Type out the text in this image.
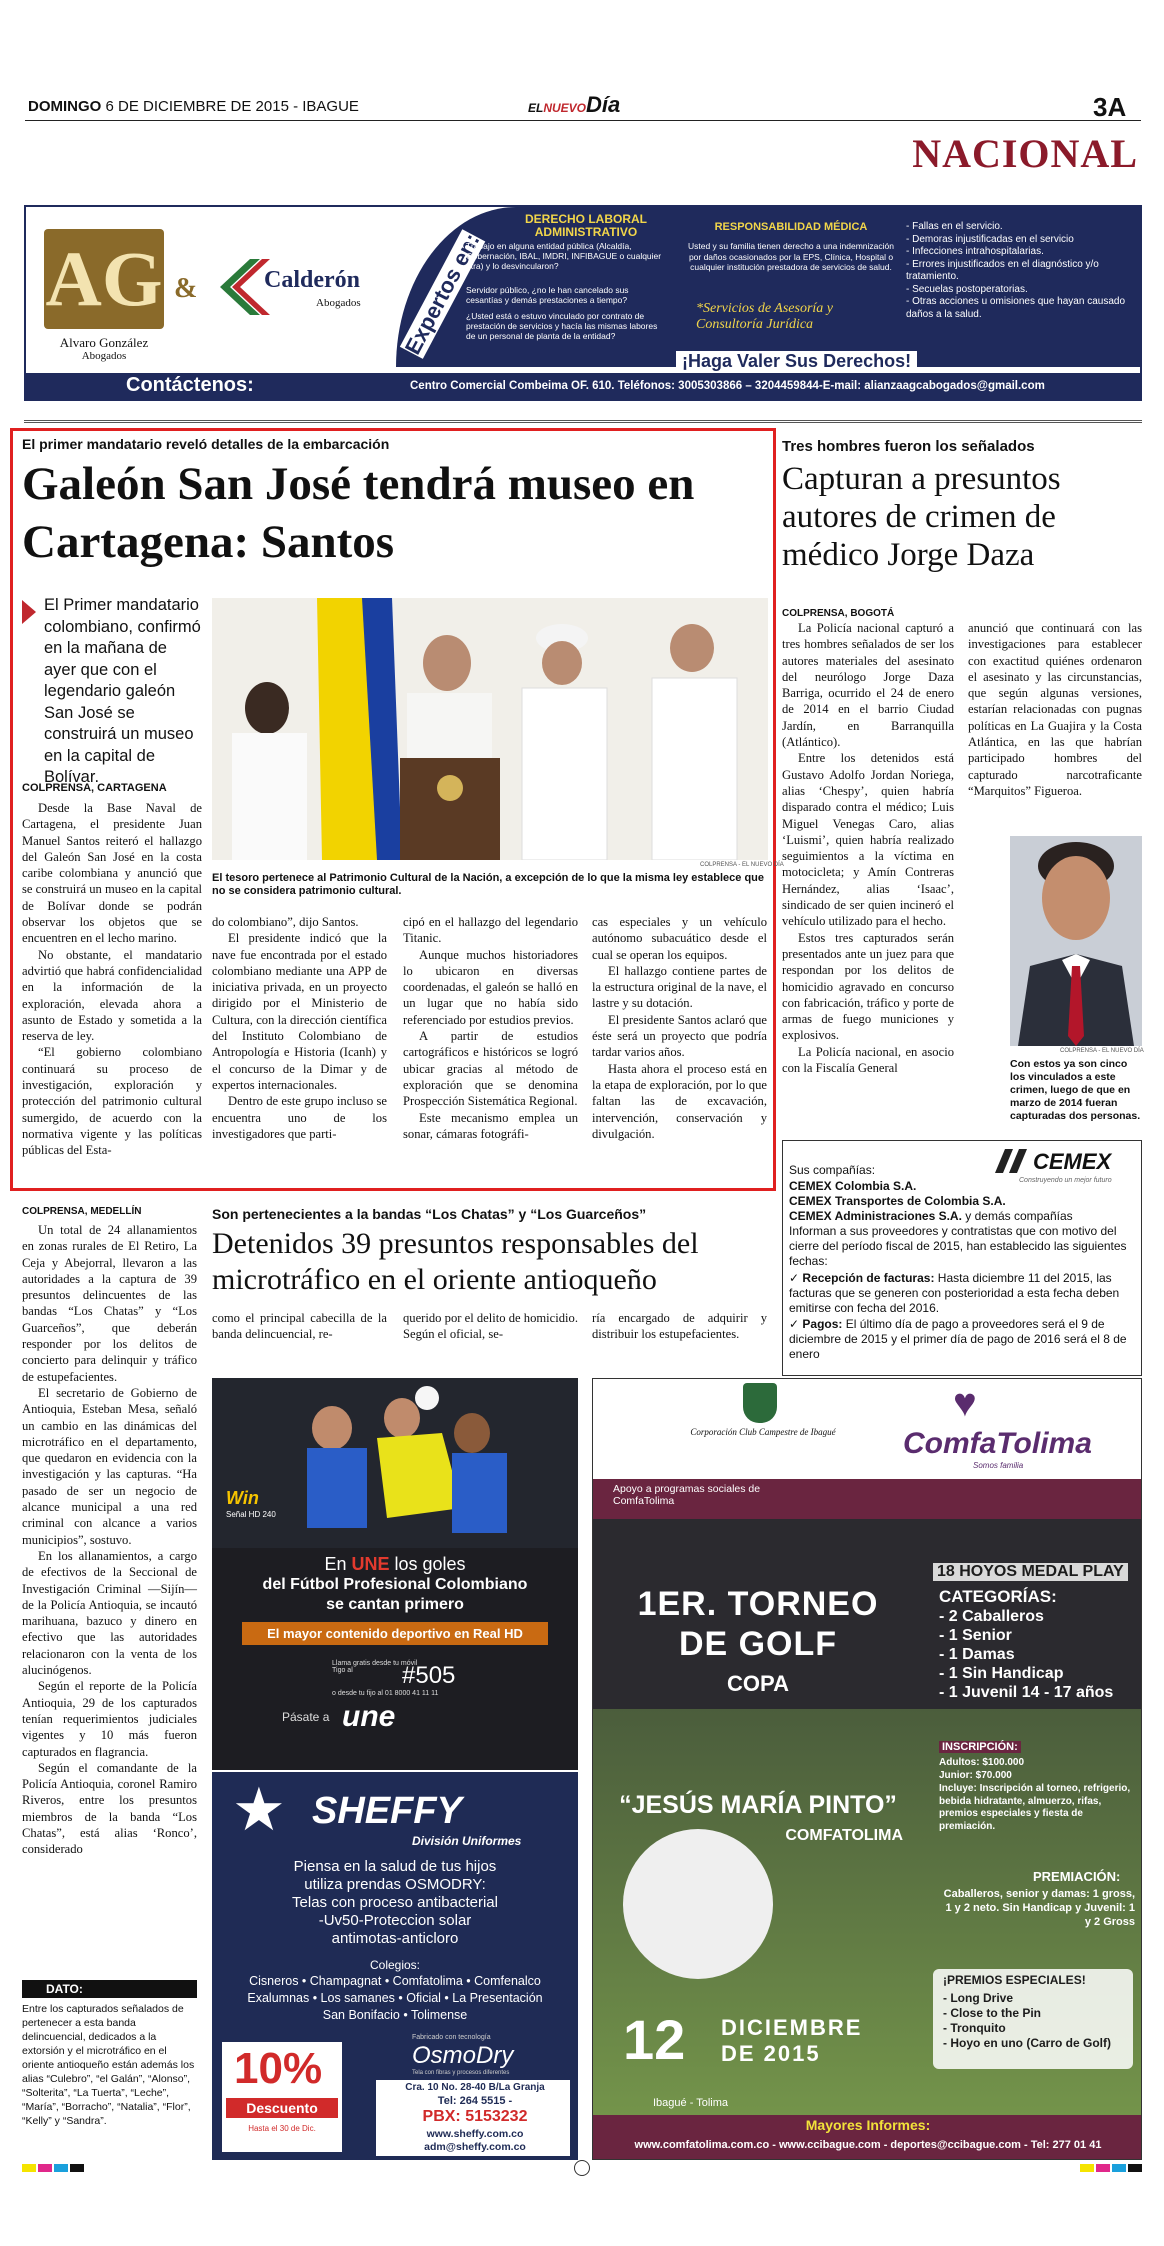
DOMINGO 6 DE DICIEMBRE DE 2015 - IBAGUE	ELNUEVODía	3A
NACIONAL
AG
Alvaro González
Abogados
&	Calderón
Abogados Expertos en:
DERECHO LABORAL ADMINISTRATIVO
Trabajo en alguna entidad pública (Alcaldía, Gobernación, IBAL, IMDRI, INFIBAGUE o cualquier otra) y lo desvincularon?
Servidor público, ¿no le han cancelado sus cesantías y demás prestaciones a tiempo?
¿Usted está o estuvo vinculado por contrato de prestación de servicios y hacía las mismas labores de un personal de planta de la entidad?
RESPONSABILIDAD MÉDICA
Usted y su familia tienen derecho a una indemnización por daños ocasionados por la EPS, Clínica, Hospital o cualquier institución prestadora de servicios de salud.
*Servicios de Asesoría y Consultoría Jurídica
- Fallas en el servicio.
- Demoras injustificadas en el servicio
- Infecciones intrahospitalarias.
- Errores injustificados en el diagnóstico y/o tratamiento.
- Secuelas postoperatorias.
- Otras acciones u omisiones que hayan causado daños a la salud.
¡Haga Valer Sus Derechos!
Contáctenos:	Centro Comercial Combeima OF. 610. Teléfonos: 3005303866 – 3204459844-E-mail: alianzaagcabogados@gmail.com
El primer mandatario reveló detalles de la embarcación
Galeón San José tendrá museo en Cartagena: Santos
El Primer mandatario colombiano, confirmó en la mañana de ayer que con el legendario galeón San José se construirá un museo en la capital de Bolívar.
COLPRENSA, CARTAGENA
COLPRENSA - EL NUEVO DÍA
El tesoro pertenece al Patrimonio Cultural de la Nación, a excepción de lo que la misma ley establece que no se considera patrimonio cultural.

Desde la Base Naval de Cartagena, el presidente Juan Manuel Santos reiteró el hallazgo del Galeón San José en la costa caribe colombiana y anunció que se construirá un museo en la capital de Bolívar donde se podrán observar los objetos que se encuentren en el lecho marino.

No obstante, el mandatario advirtió que habrá confidencialidad en la información de la exploración, elevada ahora a asunto de Estado y sometida a la reserva de ley.

“El gobierno colombiano continuará su proceso de investigación, exploración y protección del patrimonio cultural sumergido, de acuerdo con la normativa vigente y las políticas públicas del Esta-

do colombiano”, dijo Santos.

El presidente indicó que la nave fue encontrada por el estado colombiano mediante una APP de iniciativa privada, en un proyecto dirigido por el Ministerio de Cultura, con la dirección científica del Instituto Colombiano de Antropología e Historia (Icanh) y el concurso de la Dimar y de expertos internacionales.

Dentro de este grupo incluso se encuentra uno de los investigadores que parti-

cipó en el hallazgo del legendario Titanic.

Aunque muchos historiadores lo ubicaron en diversas coordenadas, el galeón se halló en un lugar que no había sido referenciado por estudios previos.

A partir de estudios cartográficos e históricos se logró ubicar gracias al método de exploración que se denomina Prospección Sistemática Regional.

Este mecanismo emplea un sonar, cámaras fotográfi-

cas especiales y un vehículo autónomo subacuático desde el cual se operan los equipos.

El hallazgo contiene partes de la estructura original de la nave, el lastre y su dotación.

El presidente Santos aclaró que éste será un proyecto que podría tardar varios años.

Hasta ahora el proceso está en la etapa de exploración, por lo que faltan las de excavación, intervención, conservación y divulgación.

Tres hombres fueron los señalados
Capturan a presuntos autores de crimen de médico Jorge Daza
COLPRENSA, BOGOTÁ

La Policía nacional capturó a tres hombres señalados de ser los autores materiales del asesinato del neurólogo Jorge Daza Barriga, ocurrido el 24 de enero de 2014 en el barrio Ciudad Jardín, en Barranquilla (Atlántico).

Entre los detenidos está Gustavo Adolfo Jordan Noriega, alias ‘Chespy’, quien habría disparado contra el médico; Luis Miguel Venegas Caro, alias ‘Luismi’, quien habría realizado seguimientos a la víctima en motocicleta; y Amín Contreras Hernández, alias ‘Isaac’, sindicado de ser quien incineró el vehículo utilizado para el hecho.

Estos tres capturados serán presentados ante un juez para que respondan por los delitos de homicidio agravado en concurso con fabricación, tráfico y porte de armas de fuego municiones y explosivos.

La Policía nacional, en asocio con la Fiscalía General

anunció que continuará con las investigaciones para establecer con exactitud quiénes ordenaron el asesinato y las circunstancias, que según algunas versiones, estarían relacionadas con pugnas políticas en La Guajira y la Costa Atlántica, en las que habrían participado hombres del capturado narcotraficante “Marquitos” Figueroa.

COLPRENSA - EL NUEVO DÍA
Con estos ya son cinco los vinculados a este crimen, luego de que en marzo de 2014 fueran capturadas dos personas.
CEMEX
Construyendo un mejor futuro
Sus compañías:
CEMEX Colombia S.A.
CEMEX Transportes de Colombia S.A.
CEMEX Administraciones S.A. y demás compañías
Informan a sus proveedores y contratistas que con motivo del cierre del período fiscal de 2015, han establecido las siguientes fechas:
✓ Recepción de facturas: Hasta diciembre 11 del 2015, las facturas que se generen con posterioridad a esta fecha deben emitirse con fecha del 2016.
✓ Pagos: El último día de pago a proveedores será el 9 de diciembre de 2015 y el primer día de pago de 2016 será el 8 de enero
COLPRENSA, MEDELLÍN	Son pertenecientes a la bandas “Los Chatas” y “Los Guarceños”
Detenidos 39 presuntos responsables del microtráfico en el oriente antioqueño
como el principal cabecilla de la banda delincuencial, re-
querido por el delito de homicidio. Según el oficial, se-
ría encargado de adquirir y distribuir los estupefacientes.

Un total de 24 allanamientos en zonas rurales de El Retiro, La Ceja y Abejorral, llevaron a las autoridades a la captura de 39 presuntos delincuentes de las bandas “Los Chatas” y “Los Guarceños”, que deberán responder por los delitos de concierto para delinquir y tráfico de estupefacientes.

El secretario de Gobierno de Antioquia, Esteban Mesa, señaló un cambio en las dinámicas del microtráfico en el departamento, que quedaron en evidencia con la investigación y las capturas. “Ha pasado de ser un negocio de alcance municipal a una red criminal con alcance a varios municipios”, sostuvo.

En los allanamientos, a cargo de efectivos de la Seccional de Investigación Criminal —Sijín— de la Policía Antioquia, se incautó marihuana, bazuco y dinero en efectivo que las autoridades relacionaron con la venta de los alucinógenos.

Según el reporte de la Policía Antioquia, 29 de los capturados tenían requerimientos judiciales vigentes y 10 más fueron capturados en flagrancia.

Según el comandante de la Policía Antioquia, coronel Ramiro Riveros, entre los presuntos miembros de la banda “Los Chatas”, está alias ‘Ronco’, considerado

DATO:
Entre los capturados señalados de pertenecer a esta banda delincuencial, dedicados a la extorsión y el microtráfico en el oriente antioqueño están además los alias “Culebro”, “el Galán”, “Alonso”, “Solterita”, “La Tuerta”, “Leche”, “María”, “Borracho”, “Natalia”, “Flor”, “Kelly” y “Sandra”.
Win
Señal HD 240
En UNE los goles
del Fútbol Profesional Colombiano
se cantan primero
El mayor contenido deportivo en Real HD
Llama gratis desde tu móvil Tigo al	#505
o desde tu fijo al 01 8000 41 11 11
Pásate a une
★ SHEFFY
División Uniformes
Piensa en la salud de tus hijos
utiliza prendas OSMODRY:
Telas con proceso antibacterial
-Uv50-Proteccion solar
antimotas-anticloro
Colegios:
Cisneros • Champagnat • Comfatolima • Comfenalco
Exalumnas • Los samanes • Oficial • La Presentación
San Bonifacio • Tolimense
Fabricado con tecnología
OsmoDry
Tela con fibras y procesos diferentes
10%
Descuento
Hasta el 30 de Dic.
Cra. 10 No. 28-40 B/La Granja
Tel: 264 5515 -
PBX: 5153232
www.sheffy.com.co
adm@sheffy.com.co
Corporación Club Campestre de Ibagué
♥
ComfaTolima
Somos familia
Apoyo a programas sociales de ComfaTolima
1ER. TORNEO
DE GOLF
COPA
“JESÚS MARÍA PINTO”
COMFATOLIMA
12 DICIEMBRE
DE 2015
Ibagué - Tolima
18 HOYOS MEDAL PLAY
CATEGORÍAS:
- 2 Caballeros
- 1 Senior
- 1 Damas
- 1 Sin Handicap
- 1 Juvenil 14 - 17 años
INSCRIPCIÓN:
Adultos: $100.000
Junior: $70.000
Incluye: Inscripción al torneo, refrigerio, bebida hidratante, almuerzo, rifas, premios especiales y fiesta de premiación.
PREMIACIÓN:
Caballeros, senior y damas: 1 gross, 1 y 2 neto. Sin Handicap y Juvenil: 1 y 2 Gross
¡PREMIOS ESPECIALES!
- Long Drive
- Close to the Pin
- Tronquito
- Hoyo en uno (Carro de Golf)
Mayores Informes:
www.comfatolima.com.co - www.ccibague.com - deportes@ccibague.com - Tel: 277 01 41
